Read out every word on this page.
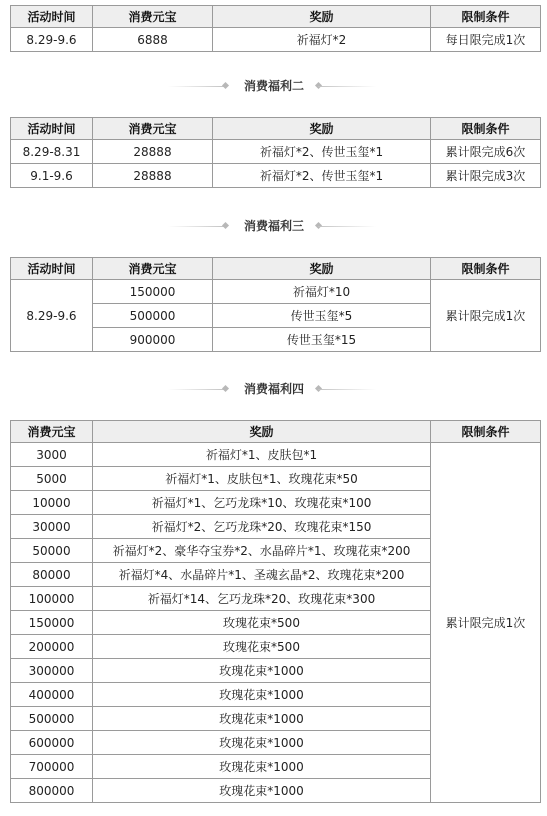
活动时间	消费元宝	奖励	限制条件
8.29-9.6	6888	祈福灯*2	每日限完成1次
消费福利二
活动时间	消费元宝	奖励	限制条件
8.29-8.31	28888	祈福灯*2、传世玉玺*1	累计限完成6次
9.1-9.6	28888	祈福灯*2、传世玉玺*1	累计限完成3次
消费福利三
活动时间	消费元宝	奖励	限制条件
8.29-9.6	150000	祈福灯*10	累计限完成1次
	500000	传世玉玺*5	
	900000	传世玉玺*15	
消费福利四
消费元宝	奖励	限制条件
3000	祈福灯*1、皮肤包*1	累计限完成1次
5000	祈福灯*1、皮肤包*1、玫瑰花束*50	
10000	祈福灯*1、乞巧龙珠*10、玫瑰花束*100	
30000	祈福灯*2、乞巧龙珠*20、玫瑰花束*150	
50000	祈福灯*2、豪华夺宝券*2、水晶碎片*1、玫瑰花束*200	
80000	祈福灯*4、水晶碎片*1、圣魂玄晶*2、玫瑰花束*200	
100000	祈福灯*14、乞巧龙珠*20、玫瑰花束*300	
150000	玫瑰花束*500	
200000	玫瑰花束*500	
300000	玫瑰花束*1000	
400000	玫瑰花束*1000	
500000	玫瑰花束*1000	
600000	玫瑰花束*1000	
700000	玫瑰花束*1000	
800000	玫瑰花束*1000	
